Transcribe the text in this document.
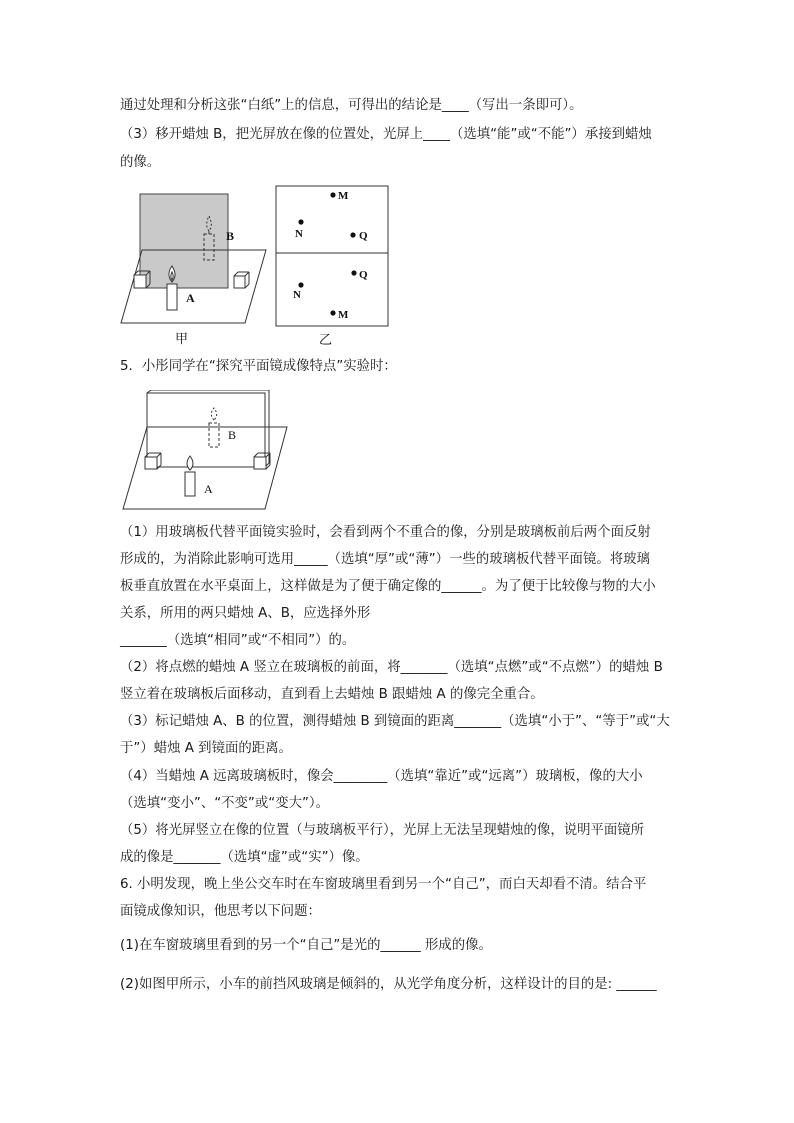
通过处理和分析这张“白纸”上的信息，可得出的结论是____（写出一条即可）。
（3）移开蜡烛 B，把光屏放在像的位置处，光屏上____（选填“能”或“不能”）承接到蜡烛
的像。
B
A
甲
M
N	Q
Q
N
M
乙
5．小彤同学在“探究平面镜成像特点”实验时：
B
A
（1）用玻璃板代替平面镜实验时，会看到两个不重合的像，分别是玻璃板前后两个面反射
形成的，为消除此影响可选用_____（选填“厚”或“薄”）一些的玻璃板代替平面镜。将玻璃
板垂直放置在水平桌面上，这样做是为了便于确定像的______。为了便于比较像与物的大小
关系，所用的两只蜡烛 A、B，应选择外形
_______（选填“相同”或“不相同”）的。
（2）将点燃的蜡烛 A 竖立在玻璃板的前面，将_______（选填“点燃”或“不点燃”）的蜡烛 B
竖立着在玻璃板后面移动，直到看上去蜡烛 B 跟蜡烛 A 的像完全重合。
（3）标记蜡烛 A、B 的位置，测得蜡烛 B 到镜面的距离_______（选填“小于”、“等于”或“大
于”）蜡烛 A 到镜面的距离。
（4）当蜡烛 A 远离玻璃板时，像会________（选填“靠近”或“远离”）玻璃板，像的大小
（选填“变小”、“不变”或“变大”）。
（5）将光屏竖立在像的位置（与玻璃板平行），光屏上无法呈现蜡烛的像，说明平面镜所
成的像是_______（选填“虚”或“实”）像。
6. 小明发现，晚上坐公交车时在车窗玻璃里看到另一个“自己”，而白天却看不清。结合平
面镜成像知识，他思考以下问题：
(1)在车窗玻璃里看到的另一个“自己”是光的______ 形成的像。
(2)如图甲所示，小车的前挡风玻璃是倾斜的，从光学角度分析，这样设计的目的是: ______
